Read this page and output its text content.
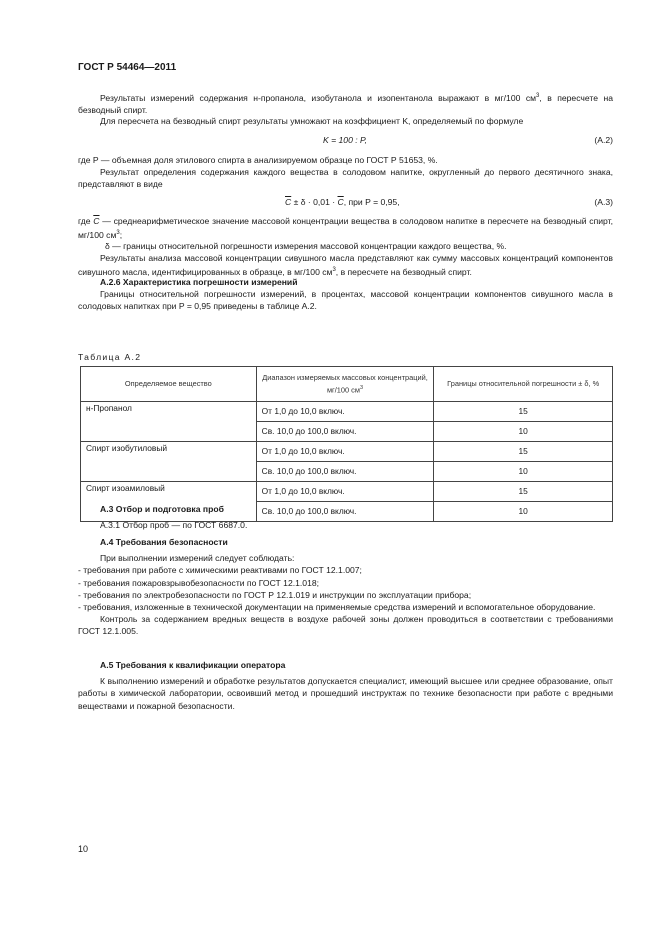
ГОСТ Р 54464—2011

Результаты измерений содержания н-пропанола, изобутанола и изопентанола выражают в мг/100 $см^3$, в пересчете на безводный спирт.

Для пересчета на безводный спирт результаты умножают на коэффициент K, определяемый по формуле

K = 100 : P,	(А.2)

где P — объемная доля этилового спирта в анализируемом образце по ГОСТ Р 51653, %.

Результат определения содержания каждого вещества в солодовом напитке, округленный до первого десятичного знака, представляют в виде

$\overline{C} \pm \delta \cdot 0,01 \cdot \overline{C}$, при P = 0,95,	(А.3)

где $\overline{C}$ — среднеарифметическое значение массовой концентрации вещества в солодовом напитке в пересчете на безводный спирт, мг/100 $см^3$;

δ — границы относительной погрешности измерения массовой концентрации каждого вещества, %.

Результаты анализа массовой концентрации сивушного масла представляют как сумму массовых концентраций компонентов сивушного масла, идентифицированных в образце, в мг/100 $см^3$, в пересчете на безводный спирт.

А.2.6 Характеристика погрешности измерений

Границы относительной погрешности измерений, в процентах, массовой концентрации компонентов сивушного масла в солодовых напитках при P = 0,95 приведены в таблице А.2.

Таблица А.2
Определяемое вещество	Диапазон измеряемых массовых концентраций, мг/100 $см^3$	Границы относительной погрешности ± δ, %
н-Пропанол	От 1,0 до 10,0 включ.	15
	Св. 10,0 до 100,0 включ.	10
Спирт изобутиловый	От 1,0 до 10,0 включ.	15
	Св. 10,0 до 100,0 включ.	10
Спирт изоамиловый	От 1,0 до 10,0 включ.	15
	Св. 10,0 до 100,0 включ.	10

А.3 Отбор и подготовка проб

А.3.1 Отбор проб — по ГОСТ 6687.0.

А.4 Требования безопасности

При выполнении измерений следует соблюдать:

- требования при работе с химическими реактивами по ГОСТ 12.1.007;

- требования пожаровзрывобезопасности по ГОСТ 12.1.018;

- требования по электробезопасности по ГОСТ Р 12.1.019 и инструкции по эксплуатации прибора;

- требования, изложенные в технической документации на применяемые средства измерений и вспомогательное оборудование.

Контроль за содержанием вредных веществ в воздухе рабочей зоны должен проводиться в соответствии с требованиями ГОСТ 12.1.005.

А.5 Требования к квалификации оператора

К выполнению измерений и обработке результатов допускается специалист, имеющий высшее или среднее образование, опыт работы в химической лаборатории, освоивший метод и прошедший инструктаж по технике безопасности при работе с вредными веществами и пожарной безопасности.

10
